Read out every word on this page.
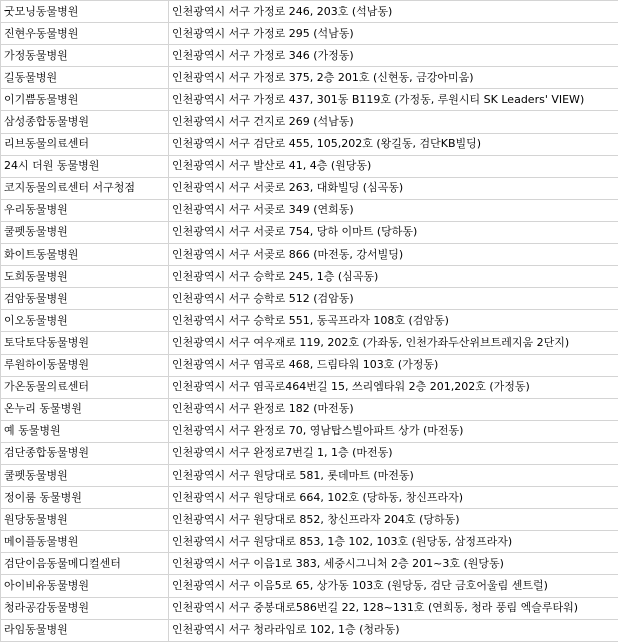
굿모닝동물병원	인천광역시 서구 가정로 246, 203호 (석남동)
진현우동물병원	인천광역시 서구 가정로 295 (석남동)
가정동물병원	인천광역시 서구 가정로 346 (가정동)
길동물병원	인천광역시 서구 가정로 375, 2층 201호 (신현동, 금강아미움)
이기쁨동물병원	인천광역시 서구 가정로 437, 301동 B119호 (가정동, 루원시티 SK Leaders' VIEW)
삼성종합동물병원	인천광역시 서구 건지로 269 (석남동)
리브동물의료센터	인천광역시 서구 검단로 455, 105,202호 (왕길동, 검단KB빌딩)
24시 더원 동물병원	인천광역시 서구 발산로 41, 4층 (원당동)
코지동물의료센터 서구청점	인천광역시 서구 서곶로 263, 대화빌딩 (심곡동)
우리동물병원	인천광역시 서구 서곶로 349 (연희동)
쿨펫동물병원	인천광역시 서구 서곶로 754, 당하 이마트 (당하동)
화이트동물병원	인천광역시 서구 서곶로 866 (마전동, 강서빌딩)
도희동물병원	인천광역시 서구 승학로 245, 1층 (심곡동)
검암동물병원	인천광역시 서구 승학로 512 (검암동)
이오동물병원	인천광역시 서구 승학로 551, 동곡프라자 108호 (검암동)
토닥토닥동물병원	인천광역시 서구 여우재로 119, 202호 (가좌동, 인천가좌두산위브트레지움 2단지)
루원하이동물병원	인천광역시 서구 염곡로 468, 드림타워 103호 (가정동)
가온동물의료센터	인천광역시 서구 염곡로464번길 15, 쓰리엠타워 2층 201,202호 (가정동)
온누리 동물병원	인천광역시 서구 완정로 182 (마전동)
예 동물병원	인천광역시 서구 완정로 70, 영남탑스빌아파트 상가 (마전동)
검단종합동물병원	인천광역시 서구 완정로7번길 1, 1층 (마전동)
쿨펫동물병원	인천광역시 서구 원당대로 581, 롯데마트 (마전동)
정이룸 동물병원	인천광역시 서구 원당대로 664, 102호 (당하동, 창신프라자)
원당동물병원	인천광역시 서구 원당대로 852, 창신프라자 204호 (당하동)
메이플동물병원	인천광역시 서구 원당대로 853, 1층 102, 103호 (원당동, 삼정프라자)
검단이음동물메디컬센터	인천광역시 서구 이음1로 383, 세중시그니처 2층 201~3호 (원당동)
아이비유동물병원	인천광역시 서구 이음5로 65, 상가동 103호 (원당동, 검단 금호어울림 센트럴)
청라공감동물병원	인천광역시 서구 중봉대로586번길 22, 128~131호 (연희동, 청라 풍림 엑슬루타워)
라임동물병원	인천광역시 서구 청라라임로 102, 1층 (청라동)
